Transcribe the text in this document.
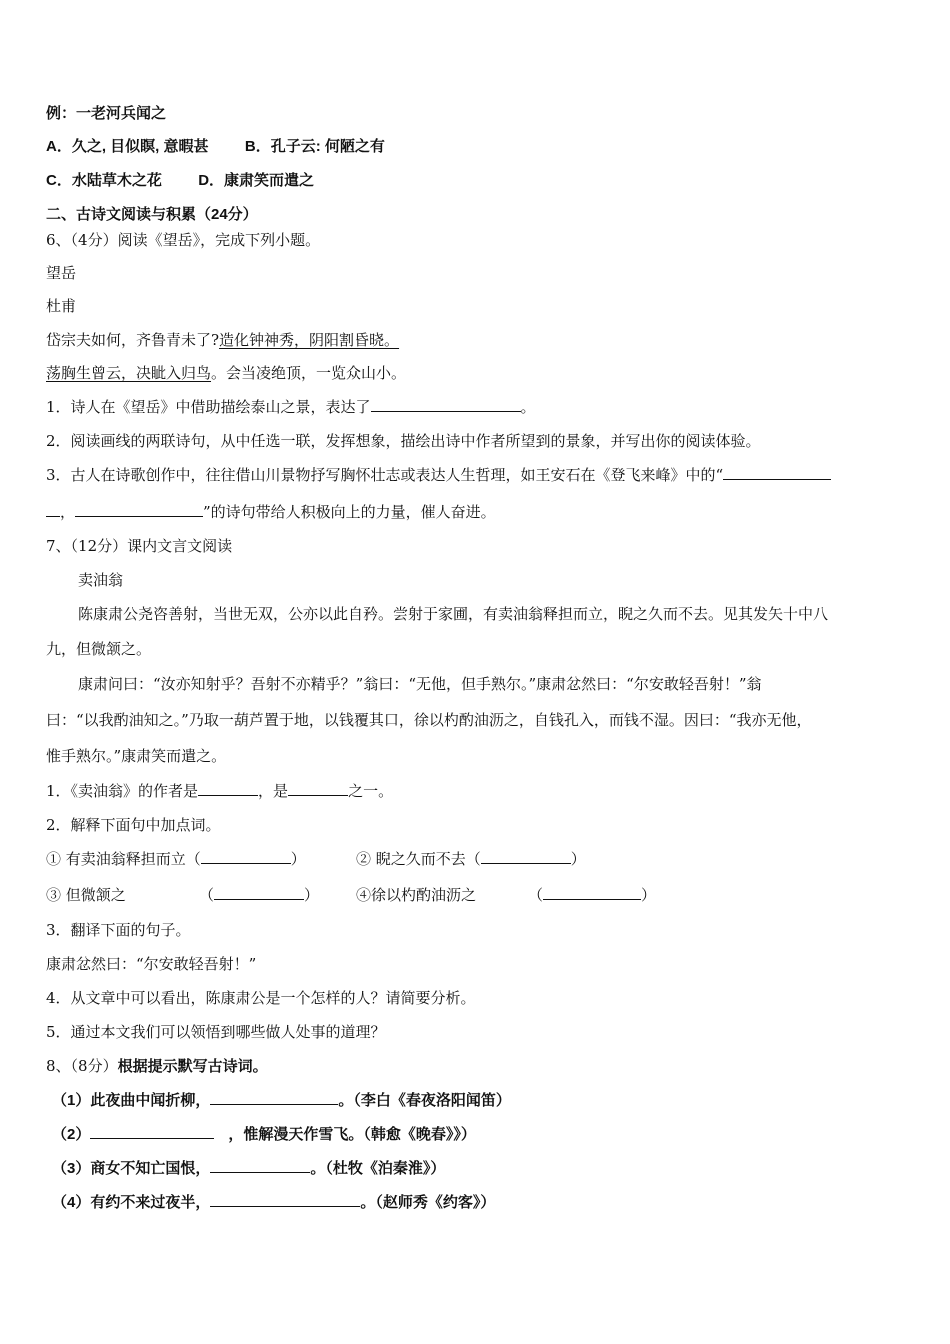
例：一老河兵闻之
A．久之, 目似瞑, 意暇甚 B．孔子云: 何陋之有
C．水陆草木之花 D．康肃笑而遣之
二、古诗文阅读与积累（24分）
6、（4分）阅读《望岳》，完成下列小题。
望岳
杜甫
岱宗夫如何，齐鲁青未了?造化钟神秀，阴阳割昏晓。
荡胸生曾云，决眦入归鸟。会当凌绝顶，一览众山小。
1．诗人在《望岳》中借助描绘泰山之景，表达了	。
2．阅读画线的两联诗句，从中任选一联，发挥想象，描绘出诗中作者所望到的景象，并写出你的阅读体验。
3．古人在诗歌创作中，往往借山川景物抒写胸怀壮志或表达人生哲理，如王安石在《登飞来峰》中的“
，	”的诗句带给人积极向上的力量，催人奋进。
7、（12分）课内文言文阅读
卖油翁
陈康肃公尧咨善射，当世无双，公亦以此自矜。尝射于家圃，有卖油翁释担而立，睨之久而不去。见其发矢十中八
九，但微颔之。
康肃问曰：“汝亦知射乎？吾射不亦精乎？”翁曰：“无他，但手熟尔。”康肃忿然曰：“尔安敢轻吾射！”翁
曰：“以我酌油知之。”乃取一葫芦置于地，以钱覆其口，徐以杓酌油沥之，自钱孔入，而钱不湿。因曰：“我亦无他，
惟手熟尔。”康肃笑而遣之。
1．《卖油翁》的作者是	，是	之一。
2．解释下面句中加点词。
① 有卖油翁释担而立（	）	② 睨之久而不去（	）
③ 但微颔之	（	） ④徐以杓酌油沥之	（	）
3．翻译下面的句子。
康肃忿然曰：“尔安敢轻吾射！”
4．从文章中可以看出，陈康肃公是一个怎样的人？请简要分析。
5．通过本文我们可以领悟到哪些做人处事的道理？
8、（8分）根据提示默写古诗词。
（1）此夜曲中闻折柳，	。（李白《春夜洛阳闻笛）
（2）	，惟解漫天作雪飞。（韩愈《晚春》》）
（3）商女不知亡国恨，	。（杜牧《泊秦淮》）
（4）有约不来过夜半，	。（赵师秀《约客》）
